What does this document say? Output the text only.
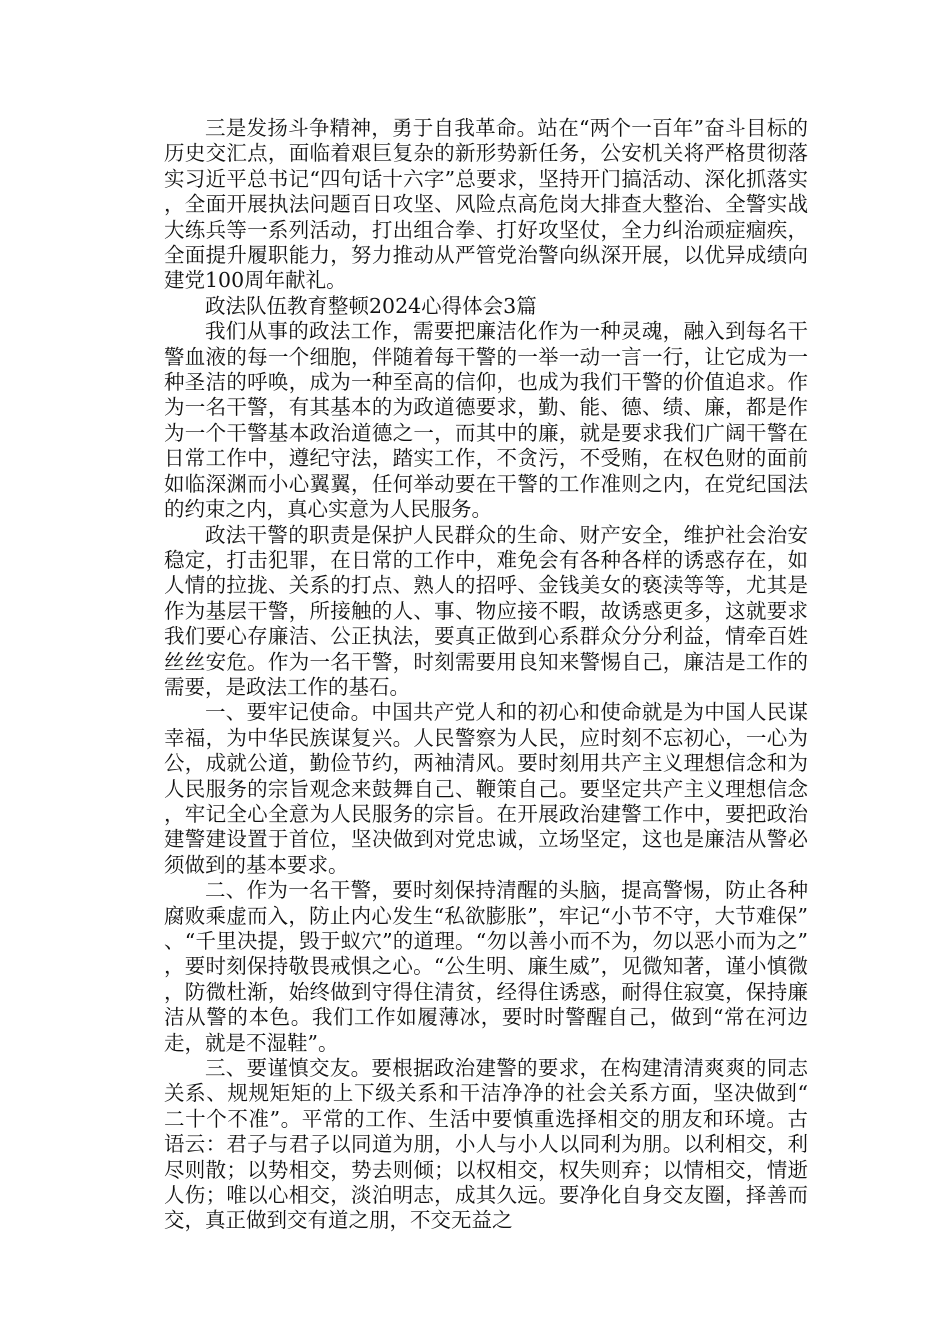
三是发扬斗争精神，勇于自我革命。站在“两个一百年”奋斗目标的历史交汇点，面临着艰巨复杂的新形势新任务，公安机关将严格贯彻落实习近平总书记“四句话十六字”总要求，坚持开门搞活动、深化抓落实，全面开展执法问题百日攻坚、风险点高危岗大排查大整治、全警实战大练兵等一系列活动，打出组合拳、打好攻坚仗，全力纠治顽症痼疾，全面提升履职能力，努力推动从严管党治警向纵深开展，以优异成绩向建党100周年献礼。

政法队伍教育整顿2024心得体会3篇

我们从事的政法工作，需要把廉洁化作为一种灵魂，融入到每名干警血液的每一个细胞，伴随着每干警的一举一动一言一行，让它成为一种圣洁的呼唤，成为一种至高的信仰，也成为我们干警的价值追求。作为一名干警，有其基本的为政道德要求，勤、能、德、绩、廉，都是作为一个干警基本政治道德之一，而其中的廉，就是要求我们广阔干警在日常工作中，遵纪守法，踏实工作，不贪污，不受贿，在权色财的面前如临深渊而小心翼翼，任何举动要在干警的工作准则之内，在党纪国法的约束之内，真心实意为人民服务。

政法干警的职责是保护人民群众的生命、财产安全，维护社会治安稳定，打击犯罪，在日常的工作中，难免会有各种各样的诱惑存在，如人情的拉拢、关系的打点、熟人的招呼、金钱美女的亵渎等等，尤其是作为基层干警，所接触的人、事、物应接不暇，故诱惑更多，这就要求我们要心存廉洁、公正执法，要真正做到心系群众分分利益，情牵百姓丝丝安危。作为一名干警，时刻需要用良知来警惕自己，廉洁是工作的需要，是政法工作的基石。

一、要牢记使命。中国共产党人和的初心和使命就是为中国人民谋幸福，为中华民族谋复兴。人民警察为人民，应时刻不忘初心，一心为公，成就公道，勤俭节约，两袖清风。要时刻用共产主义理想信念和为人民服务的宗旨观念来鼓舞自己、鞭策自己。要坚定共产主义理想信念，牢记全心全意为人民服务的宗旨。在开展政治建警工作中，要把政治建警建设置于首位，坚决做到对党忠诚，立场坚定，这也是廉洁从警必须做到的基本要求。

二、作为一名干警，要时刻保持清醒的头脑，提高警惕，防止各种腐败乘虚而入，防止内心发生“私欲膨胀”，牢记“小节不守，大节难保”、“千里决提，毁于蚁穴”的道理。“勿以善小而不为，勿以恶小而为之”，要时刻保持敬畏戒惧之心。“公生明、廉生威”，见微知著，谨小慎微，防微杜渐，始终做到守得住清贫，经得住诱惑，耐得住寂寞，保持廉洁从警的本色。我们工作如履薄冰，要时时警醒自己，做到“常在河边走，就是不湿鞋”。

三、要谨慎交友。要根据政治建警的要求，在构建清清爽爽的同志关系、规规矩矩的上下级关系和干洁净净的社会关系方面，坚决做到“二十个不准”。平常的工作、生活中要慎重选择相交的朋友和环境。古语云：君子与君子以同道为朋，小人与小人以同利为朋。以利相交，利尽则散；以势相交，势去则倾；以权相交，权失则弃；以情相交，情逝人伤；唯以心相交，淡泊明志，成其久远。要净化自身交友圈，择善而交，真正做到交有道之朋，不交无益之
